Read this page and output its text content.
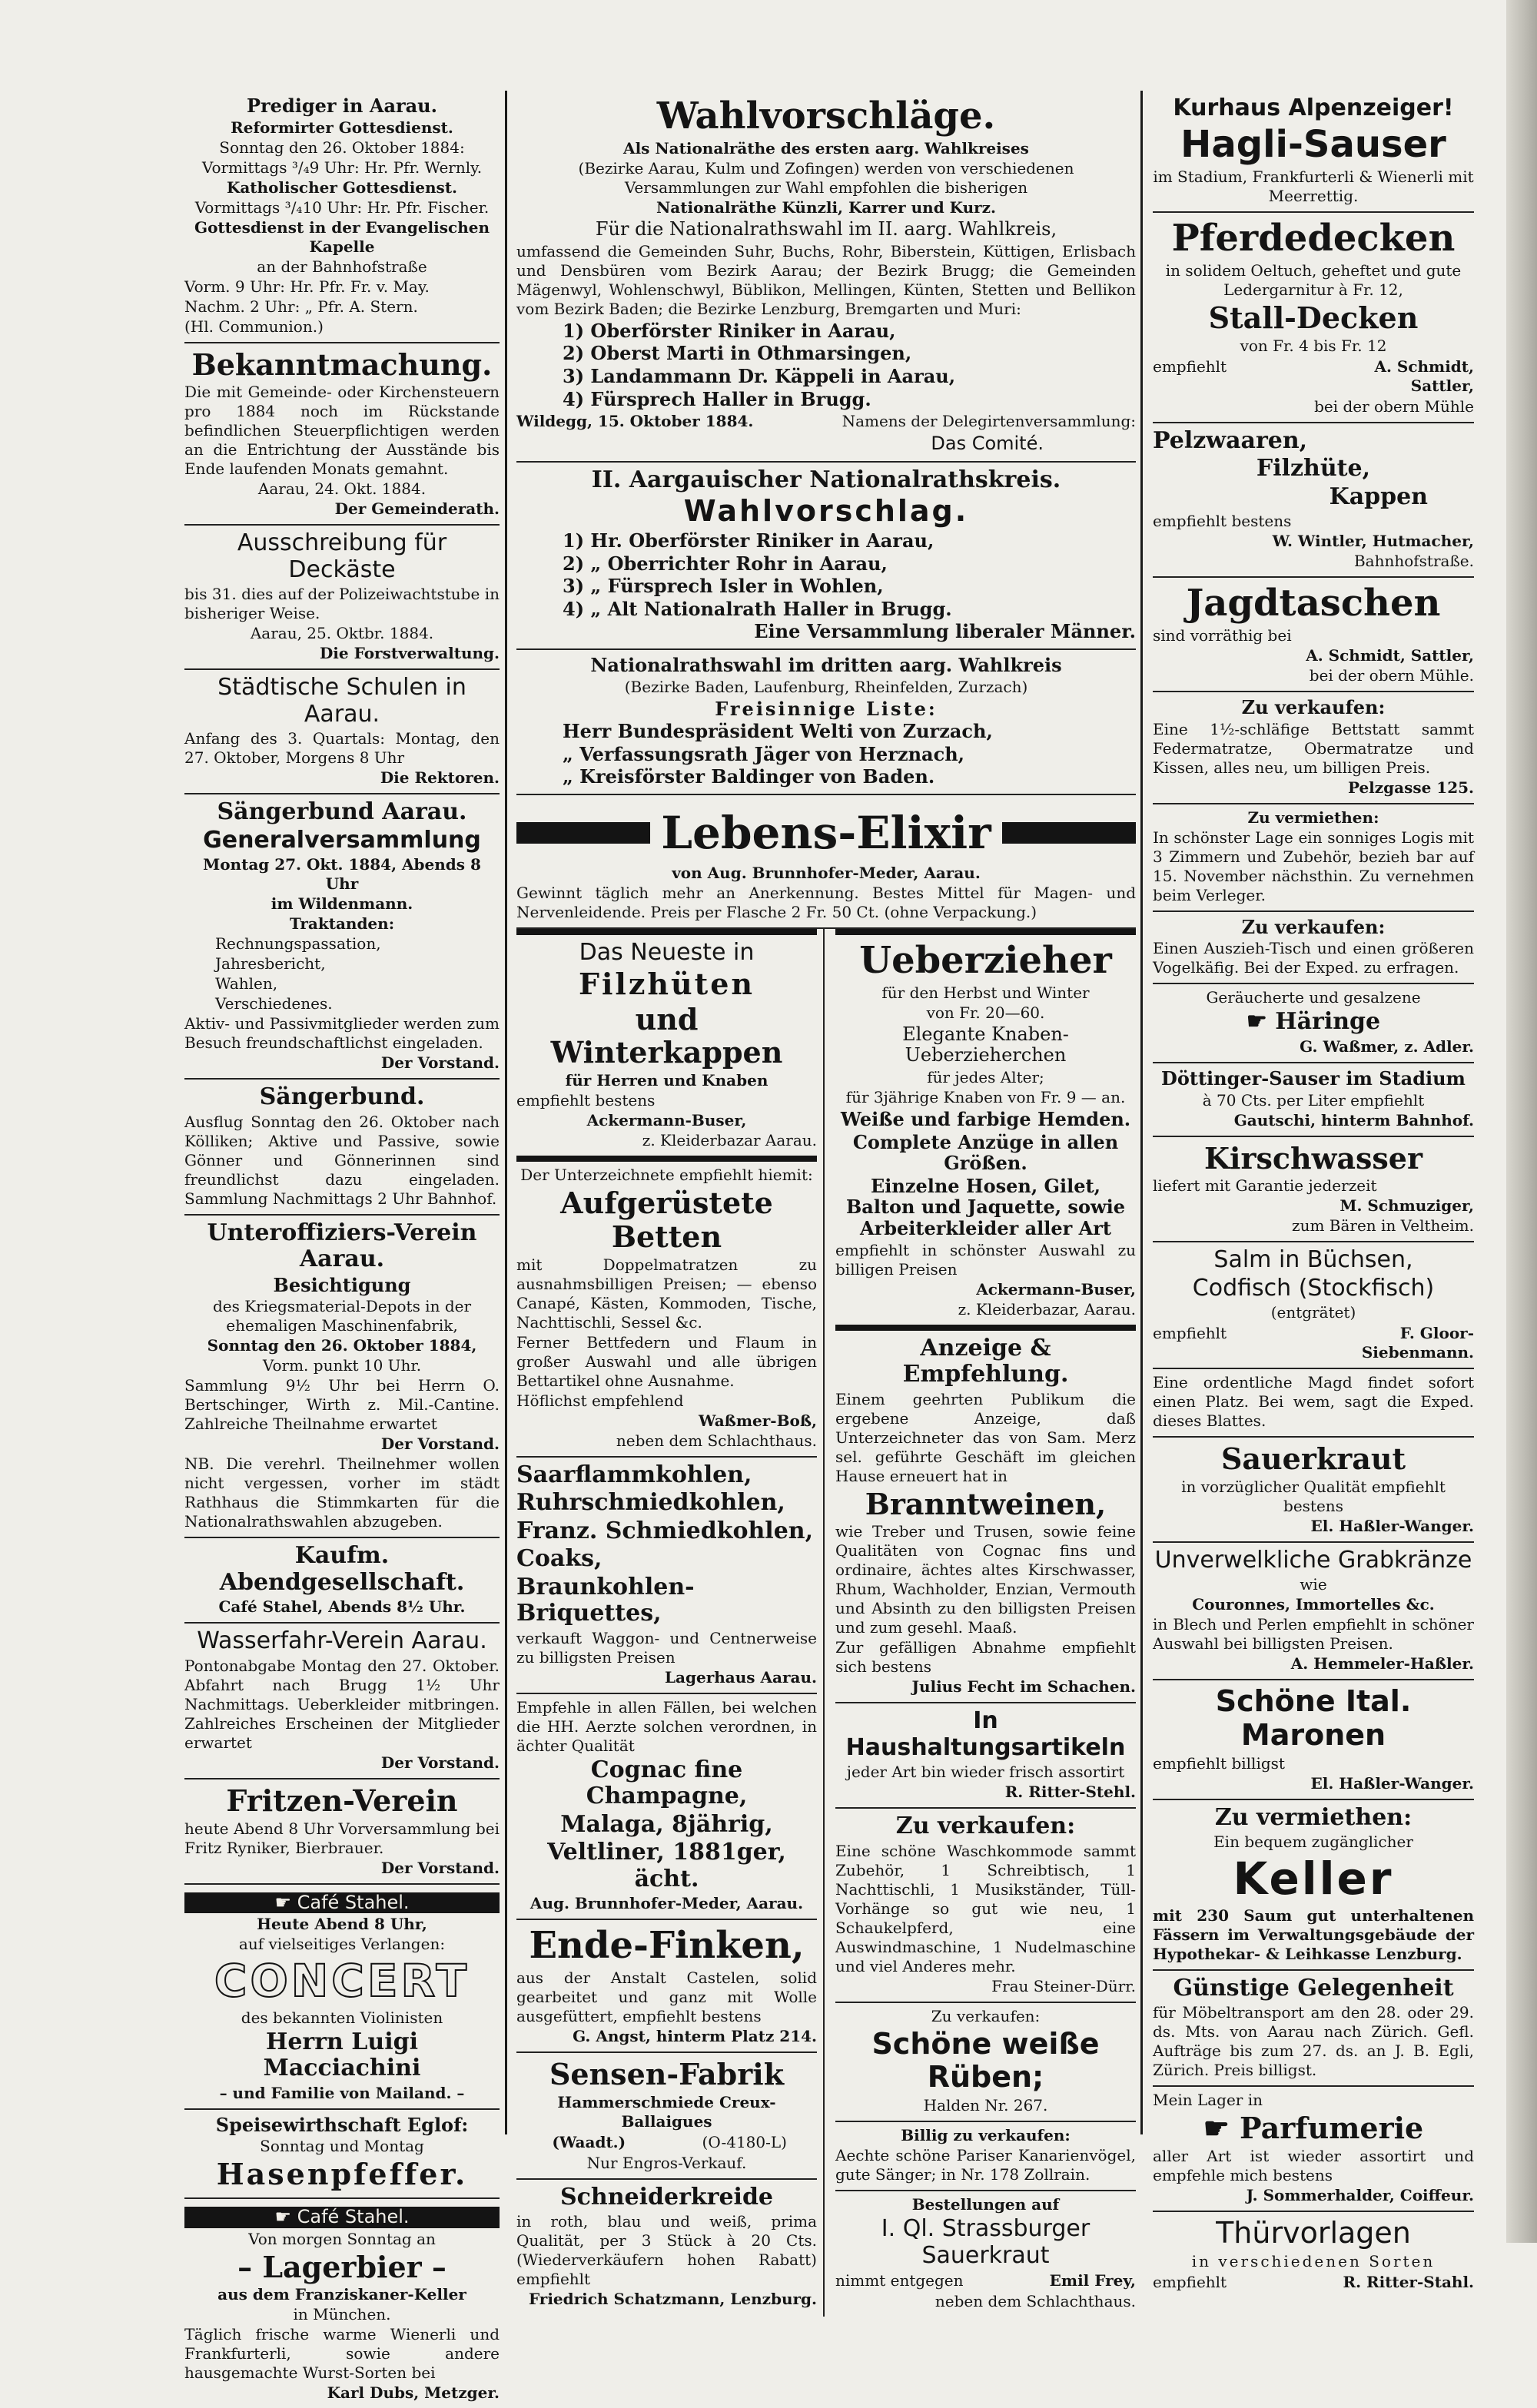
Prediger in Aarau.
Reformirter Gottesdienst.
Sonntag den 26. Oktober 1884:
Vormittags ³/₄9 Uhr: Hr. Pfr. Wernly.
Katholischer Gottesdienst.
Vormittags ³/₄10 Uhr: Hr. Pfr. Fischer.
Gottesdienst in der Evangelischen Kapelle
an der Bahnhofstraße
Vorm. 9 Uhr: Hr. Pfr. Fr. v. May.
Nachm. 2 Uhr: „ Pfr. A. Stern.
(Hl. Communion.)
Bekanntmachung.
Die mit Gemeinde- oder Kirchensteuern pro 1884 noch im Rückstande befindlichen Steuerpflichtigen werden an die Entrichtung der Ausstände bis Ende laufenden Monats gemahnt.
Aarau, 24. Okt. 1884.
Der Gemeinderath.
Ausschreibung für Deckäste
bis 31. dies auf der Polizeiwachtstube in bisheriger Weise.
Aarau, 25. Oktbr. 1884.
Die Forstverwaltung.
Städtische Schulen in Aarau.
Anfang des 3. Quartals: Montag, den 27. Oktober, Morgens 8 Uhr
Die Rektoren.
Sängerbund Aarau.
Generalversammlung
Montag 27. Okt. 1884, Abends 8 Uhr
im Wildenmann.
Traktanden:
Rechnungspassation,
Jahresbericht,
Wahlen,
Verschiedenes.
Aktiv- und Passivmitglieder werden zum Besuch freundschaftlichst eingeladen.
Der Vorstand.
Sängerbund.
Ausflug Sonntag den 26. Oktober nach Kölliken; Aktive und Passive, sowie Gönner und Gönnerinnen sind freundlichst dazu eingeladen. Sammlung Nachmittags 2 Uhr Bahnhof.
Unteroffiziers-Verein Aarau.
Besichtigung
des Kriegsmaterial-Depots in der ehemaligen Maschinenfabrik,
Sonntag den 26. Oktober 1884,
Vorm. punkt 10 Uhr.
Sammlung 9½ Uhr bei Herrn O. Bertschinger, Wirth z. Mil.-Cantine. Zahlreiche Theilnahme erwartet
Der Vorstand.
NB. Die verehrl. Theilnehmer wollen nicht vergessen, vorher im städt Rathhaus die Stimmkarten für die Nationalrathswahlen abzugeben.
Kaufm. Abendgesellschaft.
Café Stahel, Abends 8½ Uhr.
Wasserfahr-Verein Aarau.
Pontonabgabe Montag den 27. Oktober. Abfahrt nach Brugg 1½ Uhr Nachmittags. Ueberkleider mitbringen. Zahlreiches Erscheinen der Mitglieder erwartet
Der Vorstand.
Fritzen-Verein
heute Abend 8 Uhr Vorversammlung bei Fritz Ryniker, Bierbrauer.
Der Vorstand.
☛ Café Stahel.
Heute Abend 8 Uhr,
auf vielseitiges Verlangen:
CONCERT
des bekannten Violinisten
Herrn Luigi Macciachini
– und Familie von Mailand. –
Speisewirthschaft Eglof:
Sonntag und Montag
Hasenpfeffer.
☛ Café Stahel.
Von morgen Sonntag an
– Lagerbier –
aus dem Franziskaner-Keller
in München.
Täglich frische warme Wienerli und Frankfurterli, sowie andere hausgemachte Wurst-Sorten bei
Karl Dubs, Metzger.
Wahlvorschläge.
Als Nationalräthe des ersten aarg. Wahlkreises
(Bezirke Aarau, Kulm und Zofingen) werden von verschiedenen Versammlungen zur Wahl empfohlen die bisherigen
Nationalräthe Künzli, Karrer und Kurz.
Für die Nationalrathswahl im II. aarg. Wahlkreis,
umfassend die Gemeinden Suhr, Buchs, Rohr, Biberstein, Küttigen, Erlisbach und Densbüren vom Bezirk Aarau; der Bezirk Brugg; die Gemeinden Mägenwyl, Wohlenschwyl, Büblikon, Mellingen, Künten, Stetten und Bellikon vom Bezirk Baden; die Bezirke Lenzburg, Bremgarten und Muri:
1) Oberförster Riniker in Aarau,
2) Oberst Marti in Othmarsingen,
3) Landammann Dr. Käppeli in Aarau,
4) Fürsprech Haller in Brugg.
Wildegg, 15. Oktober 1884.	Namens der Delegirtenversammlung:
Das Comité.
II. Aargauischer Nationalrathskreis.
Wahlvorschlag.
1) Hr. Oberförster Riniker in Aarau,
2) „ Oberrichter Rohr in Aarau,
3) „ Fürsprech Isler in Wohlen,
4) „ Alt Nationalrath Haller in Brugg.
Eine Versammlung liberaler Männer.
Nationalrathswahl im dritten aarg. Wahlkreis
(Bezirke Baden, Laufenburg, Rheinfelden, Zurzach)
Freisinnige Liste:
Herr Bundespräsident Welti von Zurzach,
„ Verfassungsrath Jäger von Herznach,
„ Kreisförster Baldinger von Baden.
Lebens-Elixir
von Aug. Brunnhofer-Meder, Aarau.
Gewinnt täglich mehr an Anerkennung. Bestes Mittel für Magen- und Nervenleidende. Preis per Flasche 2 Fr. 50 Ct. (ohne Verpackung.)
Das Neueste in
Filzhüten
und Winterkappen
für Herren und Knaben
empfiehlt bestens
Ackermann-Buser,
z. Kleiderbazar Aarau.
Der Unterzeichnete empfiehlt hiemit:
Aufgerüstete Betten
mit Doppelmatratzen zu ausnahmsbilligen Preisen; — ebenso Canapé, Kästen, Kommoden, Tische, Nachttischli, Sessel &c.
Ferner Bettfedern und Flaum in großer Auswahl und alle übrigen Bettartikel ohne Ausnahme.
Höflichst empfehlend
Waßmer-Boß,
neben dem Schlachthaus.
Saarflammkohlen,
Ruhrschmiedkohlen,
Franz. Schmiedkohlen,
Coaks,
Braunkohlen-Briquettes,
verkauft Waggon- und Centnerweise zu billigsten Preisen
Lagerhaus Aarau.
Empfehle in allen Fällen, bei welchen die HH. Aerzte solchen verordnen, in ächter Qualität
Cognac fine Champagne,
Malaga, 8jährig,
Veltliner, 1881ger, ächt.
Aug. Brunnhofer-Meder, Aarau.
Ende-Finken,
aus der Anstalt Castelen, solid gearbeitet und ganz mit Wolle ausgefüttert, empfiehlt bestens
G. Angst, hinterm Platz 214.
Sensen-Fabrik
Hammerschmiede Creux-Ballaigues
(Waadt.)	(O-4180-L)
Nur Engros-Verkauf.
Schneiderkreide
in roth, blau und weiß, prima Qualität, per 3 Stück à 20 Cts. (Wiederverkäufern hohen Rabatt) empfiehlt
Friedrich Schatzmann, Lenzburg.
Ueberzieher
für den Herbst und Winter
von Fr. 20—60.
Elegante Knaben-Ueberzieherchen
für jedes Alter;
für 3jährige Knaben von Fr. 9 — an.
Weiße und farbige Hemden.
Complete Anzüge in allen Größen.
Einzelne Hosen, Gilet, Balton und Jaquette, sowie Arbeiterkleider aller Art
empfiehlt in schönster Auswahl zu billigen Preisen
Ackermann-Buser,
z. Kleiderbazar, Aarau.
Anzeige & Empfehlung.
Einem geehrten Publikum die ergebene Anzeige, daß Unterzeichneter das von Sam. Merz sel. geführte Geschäft im gleichen Hause erneuert hat in
Branntweinen,
wie Treber und Trusen, sowie feine Qualitäten von Cognac fins und ordinaire, ächtes altes Kirschwasser, Rhum, Wachholder, Enzian, Vermouth und Absinth zu den billigsten Preisen und zum gesehl. Maaß.
Zur gefälligen Abnahme empfiehlt sich bestens
Julius Fecht im Schachen.
In Haushaltungsartikeln
jeder Art bin wieder frisch assortirt
R. Ritter-Stehl.
Zu verkaufen:
Eine schöne Waschkommode sammt Zubehör, 1 Schreibtisch, 1 Nachttischli, 1 Musikständer, Tüll-Vorhänge so gut wie neu, 1 Schaukelpferd, eine Auswindmaschine, 1 Nudelmaschine und viel Anderes mehr.
Frau Steiner-Dürr.
Zu verkaufen:
Schöne weiße Rüben;
Halden Nr. 267.
Billig zu verkaufen:
Aechte schöne Pariser Kanarienvögel, gute Sänger; in Nr. 178 Zollrain.
Bestellungen auf
I. Ql. Strassburger Sauerkraut
nimmt entgegen	Emil Frey,
neben dem Schlachthaus.
Kurhaus Alpenzeiger!
Hagli-Sauser
im Stadium, Frankfurterli & Wienerli mit Meerrettig.
Pferdedecken
in solidem Oeltuch, geheftet und gute Ledergarnitur à Fr. 12,
Stall-Decken
von Fr. 4 bis Fr. 12
empfiehlt	A. Schmidt, Sattler,
bei der obern Mühle
Pelzwaaren,
Filzhüte,
Kappen
empfiehlt bestens
W. Wintler, Hutmacher,
Bahnhofstraße.
Jagdtaschen
sind vorräthig bei
A. Schmidt, Sattler,
bei der obern Mühle.
Zu verkaufen:
Eine 1½-schläfige Bettstatt sammt Federmatratze, Obermatratze und Kissen, alles neu, um billigen Preis.
Pelzgasse 125.
Zu vermiethen:
In schönster Lage ein sonniges Logis mit 3 Zimmern und Zubehör, bezieh bar auf 15. November nächsthin. Zu vernehmen beim Verleger.
Zu verkaufen:
Einen Auszieh-Tisch und einen größeren Vogelkäfig. Bei der Exped. zu erfragen.
Geräucherte und gesalzene
☛ Häringe
G. Waßmer, z. Adler.
Döttinger-Sauser im Stadium
à 70 Cts. per Liter empfiehlt
Gautschi, hinterm Bahnhof.
Kirschwasser
liefert mit Garantie jederzeit
M. Schmuziger,
zum Bären in Veltheim.
Salm in Büchsen,
Codfisch (Stockfisch)
(entgrätet)
empfiehlt	F. Gloor-Siebenmann.
Eine ordentliche Magd findet sofort einen Platz. Bei wem, sagt die Exped. dieses Blattes.
Sauerkraut
in vorzüglicher Qualität empfiehlt bestens
El. Haßler-Wanger.
Unverwelkliche Grabkränze
wie
Couronnes, Immortelles &c.
in Blech und Perlen empfiehlt in schöner Auswahl bei billigsten Preisen.
A. Hemmeler-Haßler.
Schöne Ital. Maronen
empfiehlt billigst
El. Haßler-Wanger.
Zu vermiethen:
Ein bequem zugänglicher
Keller
mit 230 Saum gut unterhaltenen Fässern im Verwaltungsgebäude der Hypothekar- & Leihkasse Lenzburg.
Günstige Gelegenheit
für Möbeltransport am den 28. oder 29. ds. Mts. von Aarau nach Zürich. Gefl. Aufträge bis zum 27. ds. an J. B. Egli, Zürich. Preis billigst.
Mein Lager in
☛ Parfumerie
aller Art ist wieder assortirt und empfehle mich bestens
J. Sommerhalder, Coiffeur.
Thürvorlagen
in verschiedenen Sorten
empfiehlt	R. Ritter-Stahl.
